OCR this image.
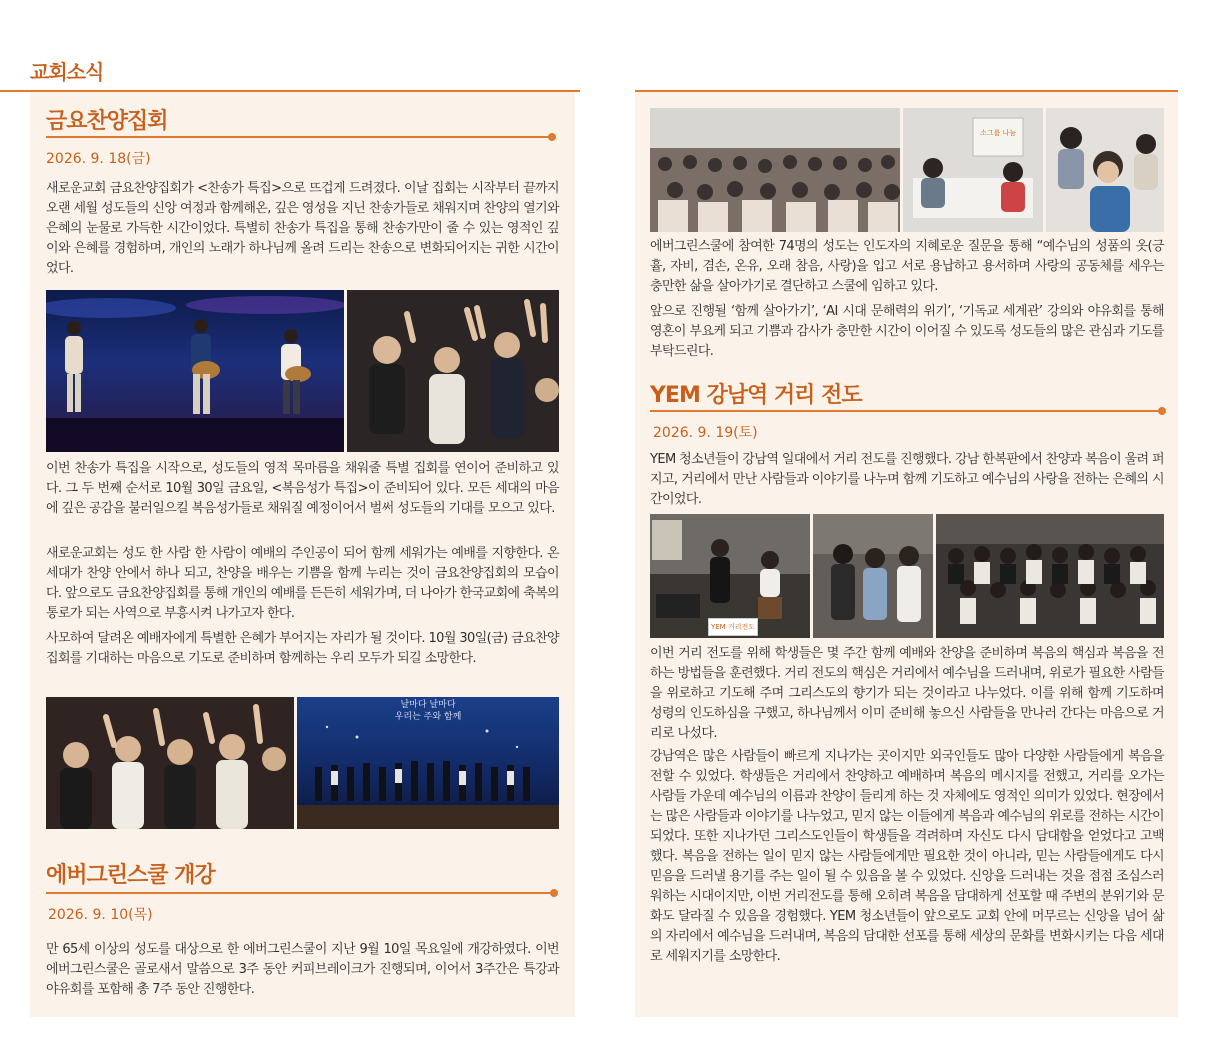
교회소식
금요찬양집회
2026. 9. 18(금)

새로운교회 금요찬양집회가 <찬송가 특집>으로 뜨겁게 드려졌다. 이날 집회는 시작부터 끝까지 오랜 세월 성도들의 신앙 여정과 함께해온, 깊은 영성을 지닌 찬송가들로 채워지며 찬양의 열기와 은혜의 눈물로 가득한 시간이었다. 특별히 찬송가 특집을 통해 찬송가만이 줄 수 있는 영적인 깊이와 은혜를 경험하며, 개인의 노래가 하나님께 올려 드리는 찬송으로 변화되어지는 귀한 시간이었다.

이번 찬송가 특집을 시작으로, 성도들의 영적 목마름을 채워줄 특별 집회를 연이어 준비하고 있다. 그 두 번째 순서로 10월 30일 금요일, <복음성가 특집>이 준비되어 있다. 모든 세대의 마음에 깊은 공감을 불러일으킬 복음성가들로 채워질 예정이어서 벌써 성도들의 기대를 모으고 있다.

새로운교회는 성도 한 사람 한 사람이 예배의 주인공이 되어 함께 세워가는 예배를 지향한다. 온 세대가 찬양 안에서 하나 되고, 찬양을 배우는 기쁨을 함께 누리는 것이 금요찬양집회의 모습이다. 앞으로도 금요찬양집회를 통해 개인의 예배를 든든히 세워가며, 더 나아가 한국교회에 축복의 통로가 되는 사역으로 부흥시켜 나가고자 한다.

사모하여 달려온 예배자에게 특별한 은혜가 부어지는 자리가 될 것이다. 10월 30일(금) 금요찬양집회를 기대하는 마음으로 기도로 준비하며 함께하는 우리 모두가 되길 소망한다.

날마다 날마다
우리는 주와 함께
에버그린스쿨 개강
2026. 9. 10(목)

만 65세 이상의 성도를 대상으로 한 에버그린스쿨이 지난 9월 10일 목요일에 개강하였다. 이번 에버그린스쿨은 골로새서 말씀으로 3주 동안 커피브레이크가 진행되며, 이어서 3주간은 특강과 야유회를 포함해 총 7주 동안 진행한다.

소그룹 나눔

에버그린스쿨에 참여한 74명의 성도는 인도자의 지혜로운 질문을 통해 “예수님의 성품의 옷(긍휼, 자비, 겸손, 온유, 오래 참음, 사랑)을 입고 서로 용납하고 용서하며 사랑의 공동체를 세우는 충만한 삶을 살아가기로 결단하고 스쿨에 임하고 있다.

앞으로 진행될 ‘함께 살아가기’, ‘AI 시대 문해력의 위기’, ‘기독교 세계관’ 강의와 야유회를 통해 영혼이 부요케 되고 기쁨과 감사가 충만한 시간이 이어질 수 있도록 성도들의 많은 관심과 기도를 부탁드린다.

YEM 강남역 거리 전도
2026. 9. 19(토)

YEM 청소년들이 강남역 일대에서 거리 전도를 진행했다. 강남 한복판에서 찬양과 복음이 울려 퍼지고, 거리에서 만난 사람들과 이야기를 나누며 함께 기도하고 예수님의 사랑을 전하는 은혜의 시간이었다.

YEM 거리전도

이번 거리 전도를 위해 학생들은 몇 주간 함께 예배와 찬양을 준비하며 복음의 핵심과 복음을 전하는 방법들을 훈련했다. 거리 전도의 핵심은 거리에서 예수님을 드러내며, 위로가 필요한 사람들을 위로하고 기도해 주며 그리스도의 향기가 되는 것이라고 나누었다. 이를 위해 함께 기도하며 성령의 인도하심을 구했고, 하나님께서 이미 준비해 놓으신 사람들을 만나러 간다는 마음으로 거리로 나섰다.

강남역은 많은 사람들이 빠르게 지나가는 곳이지만 외국인들도 많아 다양한 사람들에게 복음을 전할 수 있었다. 학생들은 거리에서 찬양하고 예배하며 복음의 메시지를 전했고, 거리를 오가는 사람들 가운데 예수님의 이름과 찬양이 들리게 하는 것 자체에도 영적인 의미가 있었다. 현장에서는 많은 사람들과 이야기를 나누었고, 믿지 않는 이들에게 복음과 예수님의 위로를 전하는 시간이 되었다. 또한 지나가던 그리스도인들이 학생들을 격려하며 자신도 다시 담대함을 얻었다고 고백했다. 복음을 전하는 일이 믿지 않는 사람들에게만 필요한 것이 아니라, 믿는 사람들에게도 다시 믿음을 드러낼 용기를 주는 일이 될 수 있음을 볼 수 있었다. 신앙을 드러내는 것을 점점 조심스러워하는 시대이지만, 이번 거리전도를 통해 오히려 복음을 담대하게 선포할 때 주변의 분위기와 문화도 달라질 수 있음을 경험했다. YEM 청소년들이 앞으로도 교회 안에 머무르는 신앙을 넘어 삶의 자리에서 예수님을 드러내며, 복음의 담대한 선포를 통해 세상의 문화를 변화시키는 다음 세대로 세워지기를 소망한다.
